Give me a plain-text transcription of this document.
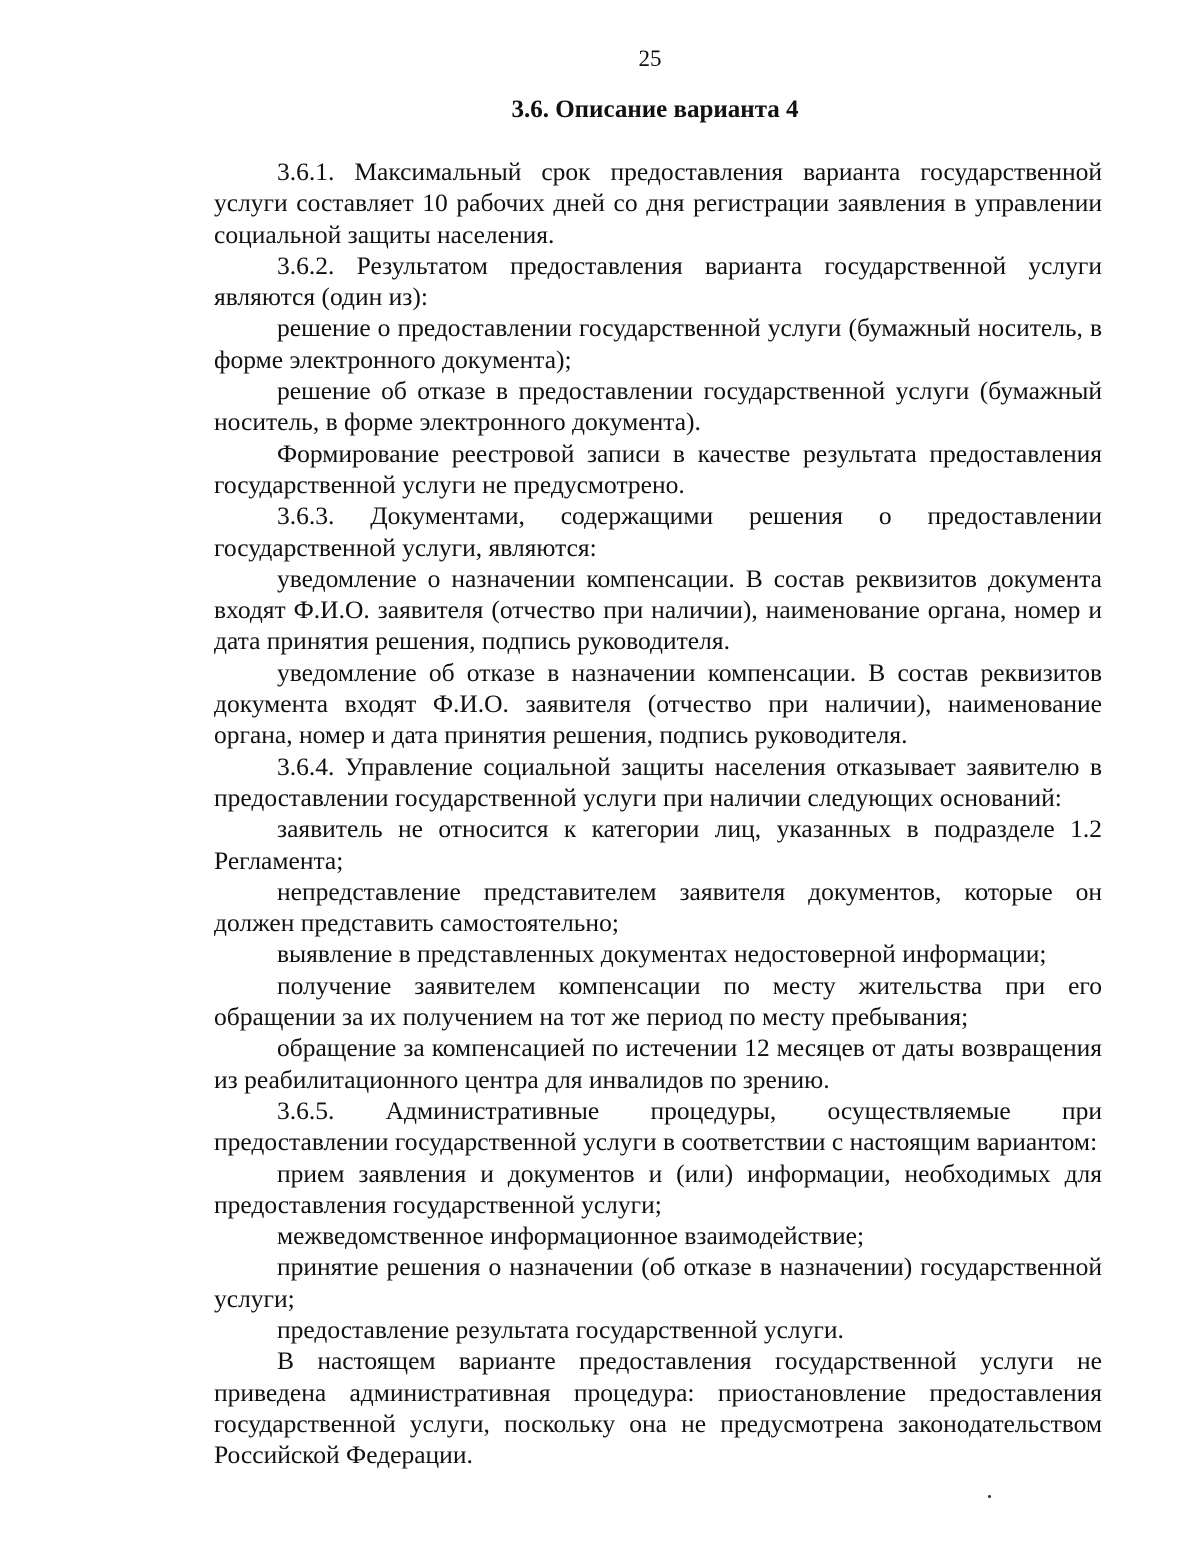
25
3.6. Описание варианта 4

3.6.1. Максимальный срок предоставления варианта государственной услуги составляет 10 рабочих дней со дня регистрации заявления в управлении социальной защиты населения.

3.6.2. Результатом предоставления варианта государственной услуги являются (один из):

решение о предоставлении государственной услуги (бумажный носитель, в форме электронного документа);

решение об отказе в предоставлении государственной услуги (бумажный носитель, в форме электронного документа).

Формирование реестровой записи в качестве результата предоставления государственной услуги не предусмотрено.

3.6.3. Документами, содержащими решения о предоставлении государственной услуги, являются:

уведомление о назначении компенсации. В состав реквизитов документа входят Ф.И.О. заявителя (отчество при наличии), наименование органа, номер и дата принятия решения, подпись руководителя.

уведомление об отказе в назначении компенсации. В состав реквизитов документа входят Ф.И.О. заявителя (отчество при наличии), наименование органа, номер и дата принятия решения, подпись руководителя.

3.6.4. Управление социальной защиты населения отказывает заявителю в предоставлении государственной услуги при наличии следующих оснований:

заявитель не относится к категории лиц, указанных в подразделе 1.2 Регламента;

непредставление представителем заявителя документов, которые он должен представить самостоятельно;

выявление в представленных документах недостоверной информации;

получение заявителем компенсации по месту жительства при его обращении за их получением на тот же период по месту пребывания;

обращение за компенсацией по истечении 12 месяцев от даты возвращения из реабилитационного центра для инвалидов по зрению.

3.6.5. Административные процедуры, осуществляемые при предоставлении государственной услуги в соответствии с настоящим вариантом:

прием заявления и документов и (или) информации, необходимых для предоставления государственной услуги;

межведомственное информационное взаимодействие;

принятие решения о назначении (об отказе в назначении) государственной услуги;

предоставление результата государственной услуги.

В настоящем варианте предоставления государственной услуги не приведена административная процедура: приостановление предоставления государственной услуги, поскольку она не предусмотрена законодательством Российской Федерации.
